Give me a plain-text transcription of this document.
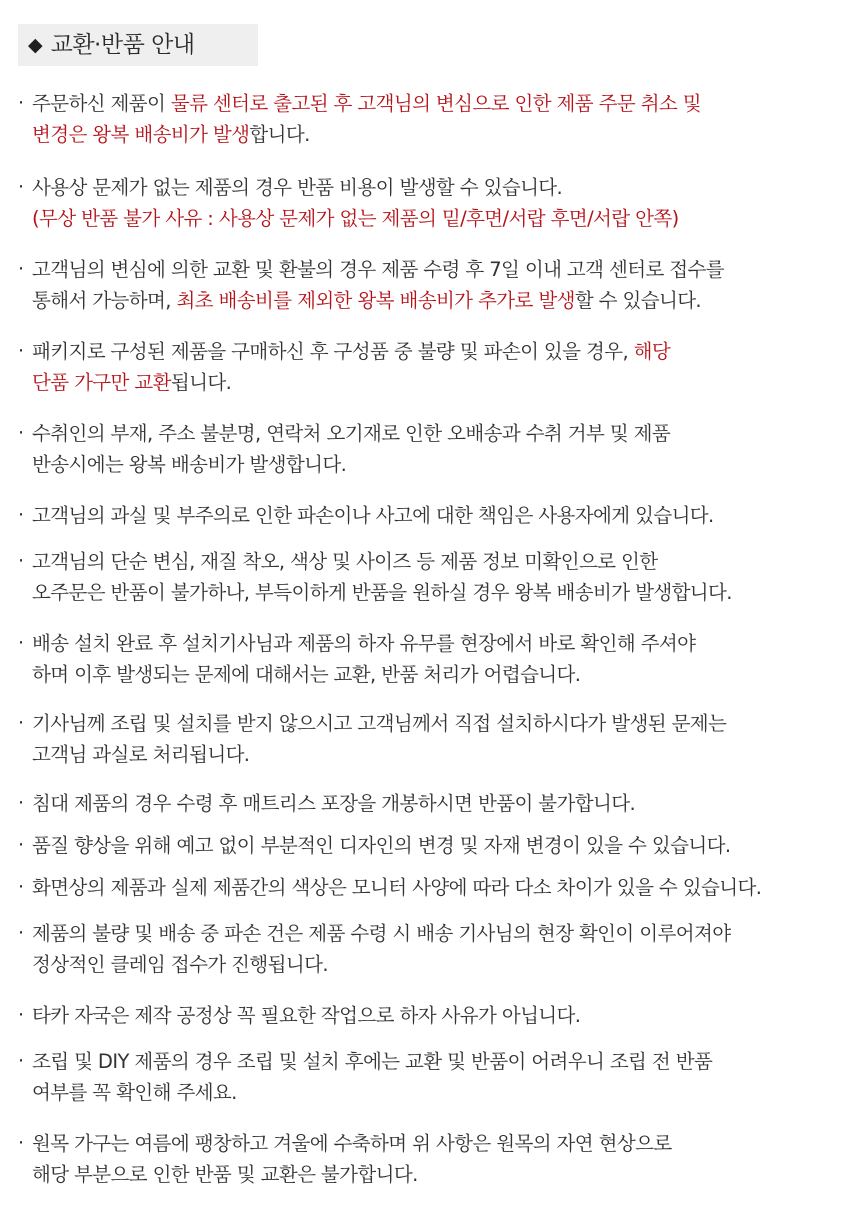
◆ 교환·반품 안내
· 주문하신 제품이 물류 센터로 출고된 후 고객님의 변심으로 인한 제품 주문 취소 및
변경은 왕복 배송비가 발생합니다.
· 사용상 문제가 없는 제품의 경우 반품 비용이 발생할 수 있습니다.
(무상 반품 불가 사유 : 사용상 문제가 없는 제품의 밑/후면/서랍 후면/서랍 안쪽)
· 고객님의 변심에 의한 교환 및 환불의 경우 제품 수령 후 7일 이내 고객 센터로 접수를
통해서 가능하며, 최초 배송비를 제외한 왕복 배송비가 추가로 발생할 수 있습니다.
· 패키지로 구성된 제품을 구매하신 후 구성품 중 불량 및 파손이 있을 경우, 해당
단품 가구만 교환됩니다.
· 수취인의 부재, 주소 불분명, 연락처 오기재로 인한 오배송과 수취 거부 및 제품
반송시에는 왕복 배송비가 발생합니다.
· 고객님의 과실 및 부주의로 인한 파손이나 사고에 대한 책임은 사용자에게 있습니다.
· 고객님의 단순 변심, 재질 착오, 색상 및 사이즈 등 제품 정보 미확인으로 인한
오주문은 반품이 불가하나, 부득이하게 반품을 원하실 경우 왕복 배송비가 발생합니다.
· 배송 설치 완료 후 설치기사님과 제품의 하자 유무를 현장에서 바로 확인해 주셔야
하며 이후 발생되는 문제에 대해서는 교환, 반품 처리가 어렵습니다.
· 기사님께 조립 및 설치를 받지 않으시고 고객님께서 직접 설치하시다가 발생된 문제는
고객님 과실로 처리됩니다.
· 침대 제품의 경우 수령 후 매트리스 포장을 개봉하시면 반품이 불가합니다.
· 품질 향상을 위해 예고 없이 부분적인 디자인의 변경 및 자재 변경이 있을 수 있습니다.
· 화면상의 제품과 실제 제품간의 색상은 모니터 사양에 따라 다소 차이가 있을 수 있습니다.
· 제품의 불량 및 배송 중 파손 건은 제품 수령 시 배송 기사님의 현장 확인이 이루어져야
정상적인 클레임 접수가 진행됩니다.
· 타카 자국은 제작 공정상 꼭 필요한 작업으로 하자 사유가 아닙니다.
· 조립 및 DIY 제품의 경우 조립 및 설치 후에는 교환 및 반품이 어려우니 조립 전 반품
여부를 꼭 확인해 주세요.
· 원목 가구는 여름에 팽창하고 겨울에 수축하며 위 사항은 원목의 자연 현상으로
해당 부분으로 인한 반품 및 교환은 불가합니다.
